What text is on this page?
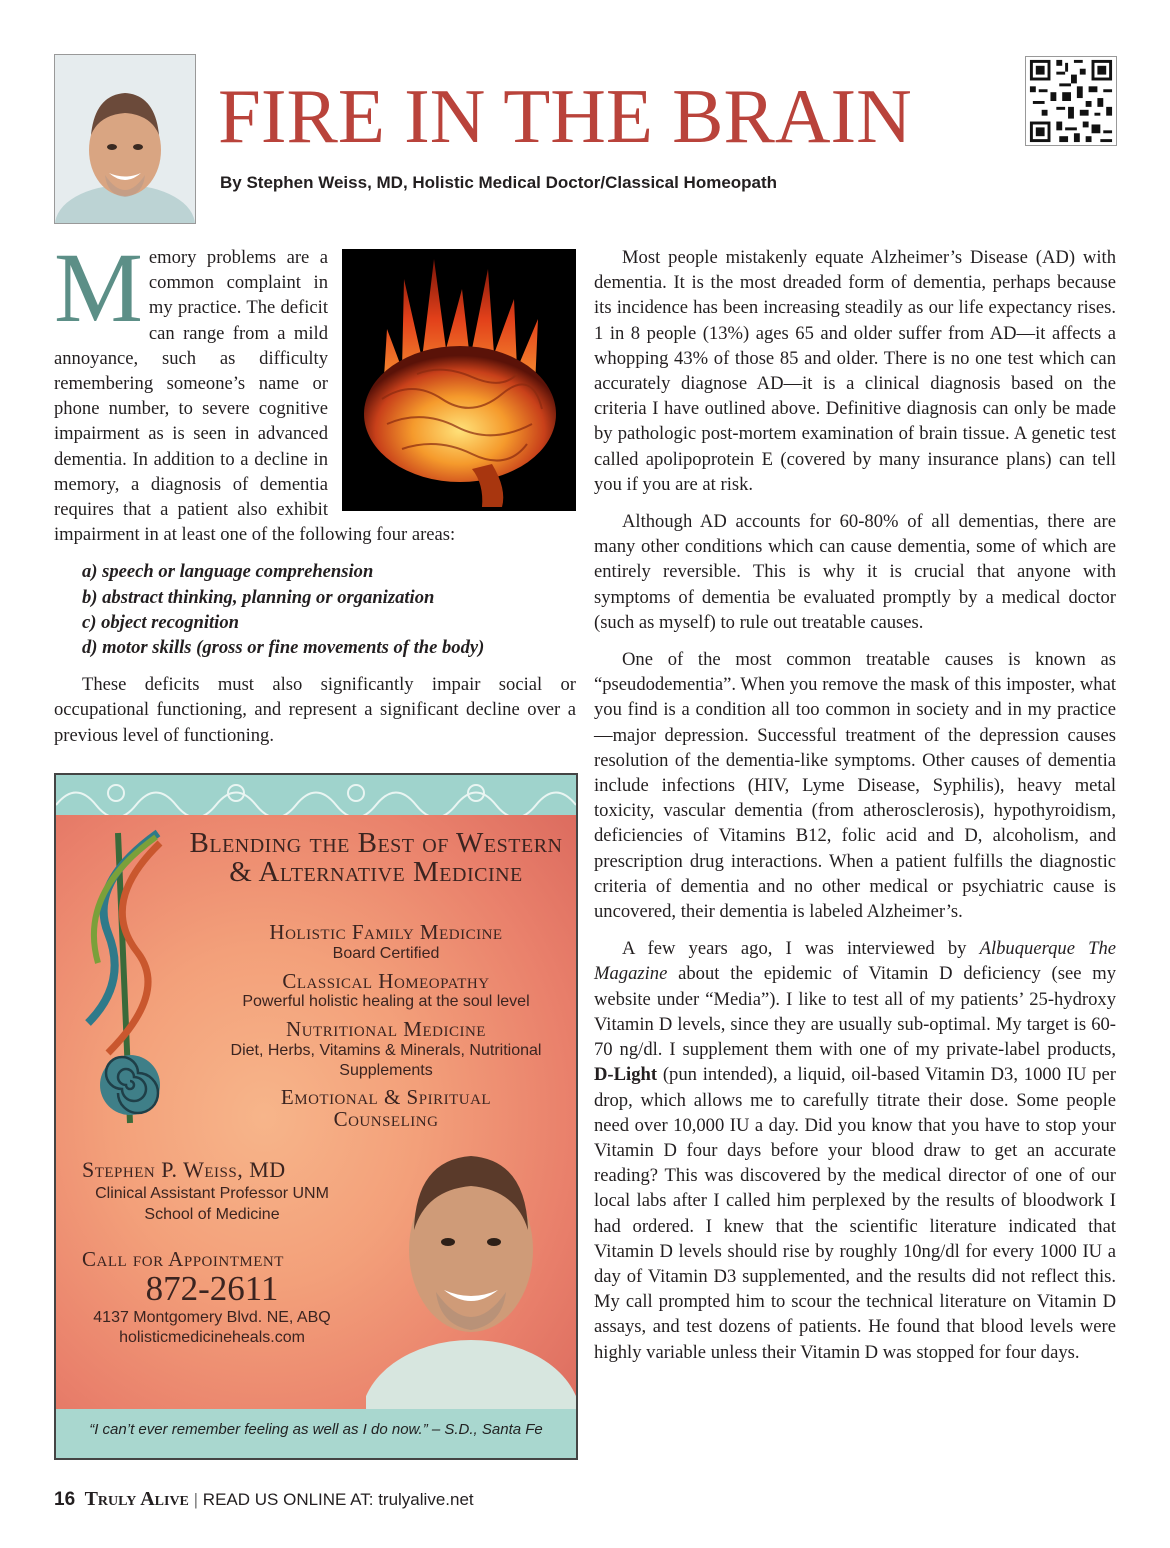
FIRE IN THE BRAIN
By Stephen Weiss, MD, Holistic Medical Doctor/Classical Homeopath

Memory problems are a common complaint in my practice. The deficit can range from a mild annoyance, such as difficulty remembering someone’s name or phone number, to severe cognitive impairment as is seen in advanced dementia. In addition to a decline in memory, a diagnosis of dementia requires that a patient also exhibit impairment in at least one of the following four areas:

a) speech or language comprehension
b) abstract thinking, planning or organization
c) object recognition
d) motor skills (gross or fine movements of the body)

These deficits must also significantly impair social or occupational functioning, and represent a significant decline over a previous level of functioning.

Most people mistakenly equate Alzheimer’s Disease (AD) with dementia. It is the most dreaded form of dementia, perhaps because its incidence has been increasing steadily as our life expectancy rises. 1 in 8 people (13%) ages 65 and older suffer from AD—it affects a whopping 43% of those 85 and older. There is no one test which can accurately diagnose AD—it is a clinical diagnosis based on the criteria I have outlined above. Definitive diagnosis can only be made by pathologic post-mortem examination of brain tissue. A genetic test called apolipoprotein E (covered by many insurance plans) can tell you if you are at risk.

Although AD accounts for 60-80% of all dementias, there are many other conditions which can cause dementia, some of which are entirely reversible. This is why it is crucial that anyone with symptoms of dementia be evaluated promptly by a medical doctor (such as myself) to rule out treatable causes.

One of the most common treatable causes is known as “pseudodementia”. When you remove the mask of this imposter, what you find is a condition all too common in society and in my practice—major depression. Successful treatment of the depression causes resolution of the dementia-like symptoms. Other causes of dementia include infections (HIV, Lyme Disease, Syphilis), heavy metal toxicity, vascular dementia (from atherosclerosis), hypothyroidism, deficiencies of Vitamins B12, folic acid and D, alcoholism, and prescription drug interactions. When a patient fulfills the diagnostic criteria of dementia and no other medical or psychiatric cause is uncovered, their dementia is labeled Alzheimer’s.

A few years ago, I was interviewed by Albuquerque The Magazine about the epidemic of Vitamin D deficiency (see my website under “Media”). I like to test all of my patients’ 25-hydroxy Vitamin D levels, since they are usually sub-optimal. My target is 60-70 ng/dl. I supplement them with one of my private-label products, D-Light (pun intended), a liquid, oil-based Vitamin D3, 1000 IU per drop, which allows me to carefully titrate their dose. Some people need over 10,000 IU a day. Did you know that you have to stop your Vitamin D four days before your blood draw to get an accurate reading? This was discovered by the medical director of one of our local labs after I called him perplexed by the results of bloodwork I had ordered. I knew that the scientific literature indicated that Vitamin D levels should rise by roughly 10ng/dl for every 1000 IU a day of Vitamin D3 supplemented, and the results did not reflect this. My call prompted him to scour the technical literature on Vitamin D assays, and test dozens of patients. He found that blood levels were highly variable unless their Vitamin D was stopped for four days.

Blending the Best of Western & Alternative Medicine
Holistic Family Medicine
Board Certified
Classical Homeopathy
Powerful holistic healing at the soul level
Nutritional Medicine
Diet, Herbs, Vitamins & Minerals, Nutritional Supplements
Emotional & Spiritual Counseling
Stephen P. Weiss, MD
Clinical Assistant Professor UNM School of Medicine
Call for Appointment
872-2611
4137 Montgomery Blvd. NE, ABQ
holisticmedicineheals.com
“I can’t ever remember feeling as well as I do now.” – S.D., Santa Fe
16 Truly Alive | READ US ONLINE AT: trulyalive.net
